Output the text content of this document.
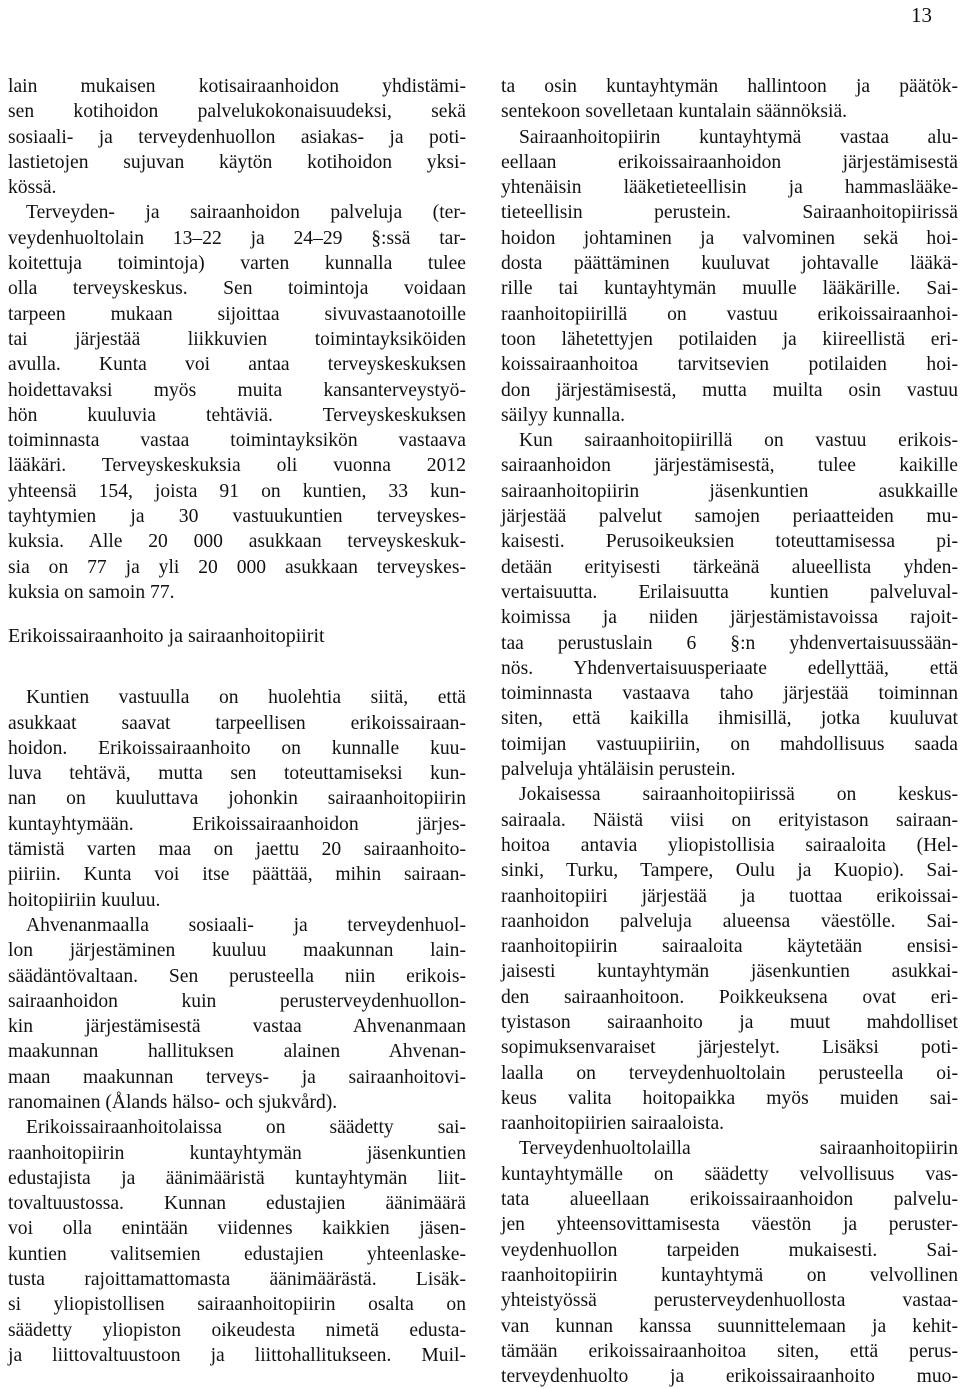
13
lain mukaisen kotisairaanhoidon yhdistämi-
sen kotihoidon palvelukokonaisuudeksi, sekä
sosiaali- ja terveydenhuollon asiakas- ja poti-
lastietojen sujuvan käytön kotihoidon yksi-
kössä.
Terveyden- ja sairaanhoidon palveluja (ter-
veydenhuoltolain 13–22 ja 24–29 §:ssä tar-
koitettuja toimintoja) varten kunnalla tulee
olla terveyskeskus. Sen toimintoja voidaan
tarpeen mukaan sijoittaa sivuvastaanotoille
tai järjestää liikkuvien toimintayksiköiden
avulla. Kunta voi antaa terveyskeskuksen
hoidettavaksi myös muita kansanterveystyö-
hön kuuluvia tehtäviä. Terveyskeskuksen
toiminnasta vastaa toimintayksikön vastaava
lääkäri. Terveyskeskuksia oli vuonna 2012
yhteensä 154, joista 91 on kuntien, 33 kun-
tayhtymien ja 30 vastuukuntien terveyskes-
kuksia. Alle 20 000 asukkaan terveyskeskuk-
sia on 77 ja yli 20 000 asukkaan terveyskes-
kuksia on samoin 77.
Erikoissairaanhoito ja sairaanhoitopiirit
Kuntien vastuulla on huolehtia siitä, että
asukkaat saavat tarpeellisen erikoissairaan-
hoidon. Erikoissairaanhoito on kunnalle kuu-
luva tehtävä, mutta sen toteuttamiseksi kun-
nan on kuuluttava johonkin sairaanhoitopiirin
kuntayhtymään. Erikoissairaanhoidon järjes-
tämistä varten maa on jaettu 20 sairaanhoito-
piiriin. Kunta voi itse päättää, mihin sairaan-
hoitopiiriin kuuluu.
Ahvenanmaalla sosiaali- ja terveydenhuol-
lon järjestäminen kuuluu maakunnan lain-
säädäntövaltaan. Sen perusteella niin erikois-
sairaanhoidon kuin perusterveydenhuollon-
kin järjestämisestä vastaa Ahvenanmaan
maakunnan hallituksen alainen Ahvenan-
maan maakunnan terveys- ja sairaanhoitovi-
ranomainen (Ålands hälso- och sjukvård).
Erikoissairaanhoitolaissa on säädetty sai-
raanhoitopiirin kuntayhtymän jäsenkuntien
edustajista ja äänimääristä kuntayhtymän liit-
tovaltuustossa. Kunnan edustajien äänimäärä
voi olla enintään viidennes kaikkien jäsen-
kuntien valitsemien edustajien yhteenlaske-
tusta rajoittamattomasta äänimäärästä. Lisäk-
si yliopistollisen sairaanhoitopiirin osalta on
säädetty yliopiston oikeudesta nimetä edusta-
ja liittovaltuustoon ja liittohallitukseen. Muil-
ta osin kuntayhtymän hallintoon ja päätök-
sentekoon sovelletaan kuntalain säännöksiä.
Sairaanhoitopiirin kuntayhtymä vastaa alu-
eellaan erikoissairaanhoidon järjestämisestä
yhtenäisin lääketieteellisin ja hammaslääke-
tieteellisin perustein. Sairaanhoitopiirissä
hoidon johtaminen ja valvominen sekä hoi-
dosta päättäminen kuuluvat johtavalle lääkä-
rille tai kuntayhtymän muulle lääkärille. Sai-
raanhoitopiirillä on vastuu erikoissairaanhoi-
toon lähetettyjen potilaiden ja kiireellistä eri-
koissairaanhoitoa tarvitsevien potilaiden hoi-
don järjestämisestä, mutta muilta osin vastuu
säilyy kunnalla.
Kun sairaanhoitopiirillä on vastuu erikois-
sairaanhoidon järjestämisestä, tulee kaikille
sairaanhoitopiirin jäsenkuntien asukkaille
järjestää palvelut samojen periaatteiden mu-
kaisesti. Perusoikeuksien toteuttamisessa pi-
detään erityisesti tärkeänä alueellista yhden-
vertaisuutta. Erilaisuutta kuntien palveluval-
koimissa ja niiden järjestämistavoissa rajoit-
taa perustuslain 6 §:n yhdenvertaisuussään-
nös. Yhdenvertaisuusperiaate edellyttää, että
toiminnasta vastaava taho järjestää toiminnan
siten, että kaikilla ihmisillä, jotka kuuluvat
toimijan vastuupiiriin, on mahdollisuus saada
palveluja yhtäläisin perustein.
Jokaisessa sairaanhoitopiirissä on keskus-
sairaala. Näistä viisi on erityistason sairaan-
hoitoa antavia yliopistollisia sairaaloita (Hel-
sinki, Turku, Tampere, Oulu ja Kuopio). Sai-
raanhoitopiiri järjestää ja tuottaa erikoissai-
raanhoidon palveluja alueensa väestölle. Sai-
raanhoitopiirin sairaaloita käytetään ensisi-
jaisesti kuntayhtymän jäsenkuntien asukkai-
den sairaanhoitoon. Poikkeuksena ovat eri-
tyistason sairaanhoito ja muut mahdolliset
sopimuksenvaraiset järjestelyt. Lisäksi poti-
laalla on terveydenhuoltolain perusteella oi-
keus valita hoitopaikka myös muiden sai-
raanhoitopiirien sairaaloista.
Terveydenhuoltolailla sairaanhoitopiirin
kuntayhtymälle on säädetty velvollisuus vas-
tata alueellaan erikoissairaanhoidon palvelu-
jen yhteensovittamisesta väestön ja peruster-
veydenhuollon tarpeiden mukaisesti. Sai-
raanhoitopiirin kuntayhtymä on velvollinen
yhteistyössä perusterveydenhuollosta vastaa-
van kunnan kanssa suunnittelemaan ja kehit-
tämään erikoissairaanhoitoa siten, että perus-
terveydenhuolto ja erikoissairaanhoito muo-
